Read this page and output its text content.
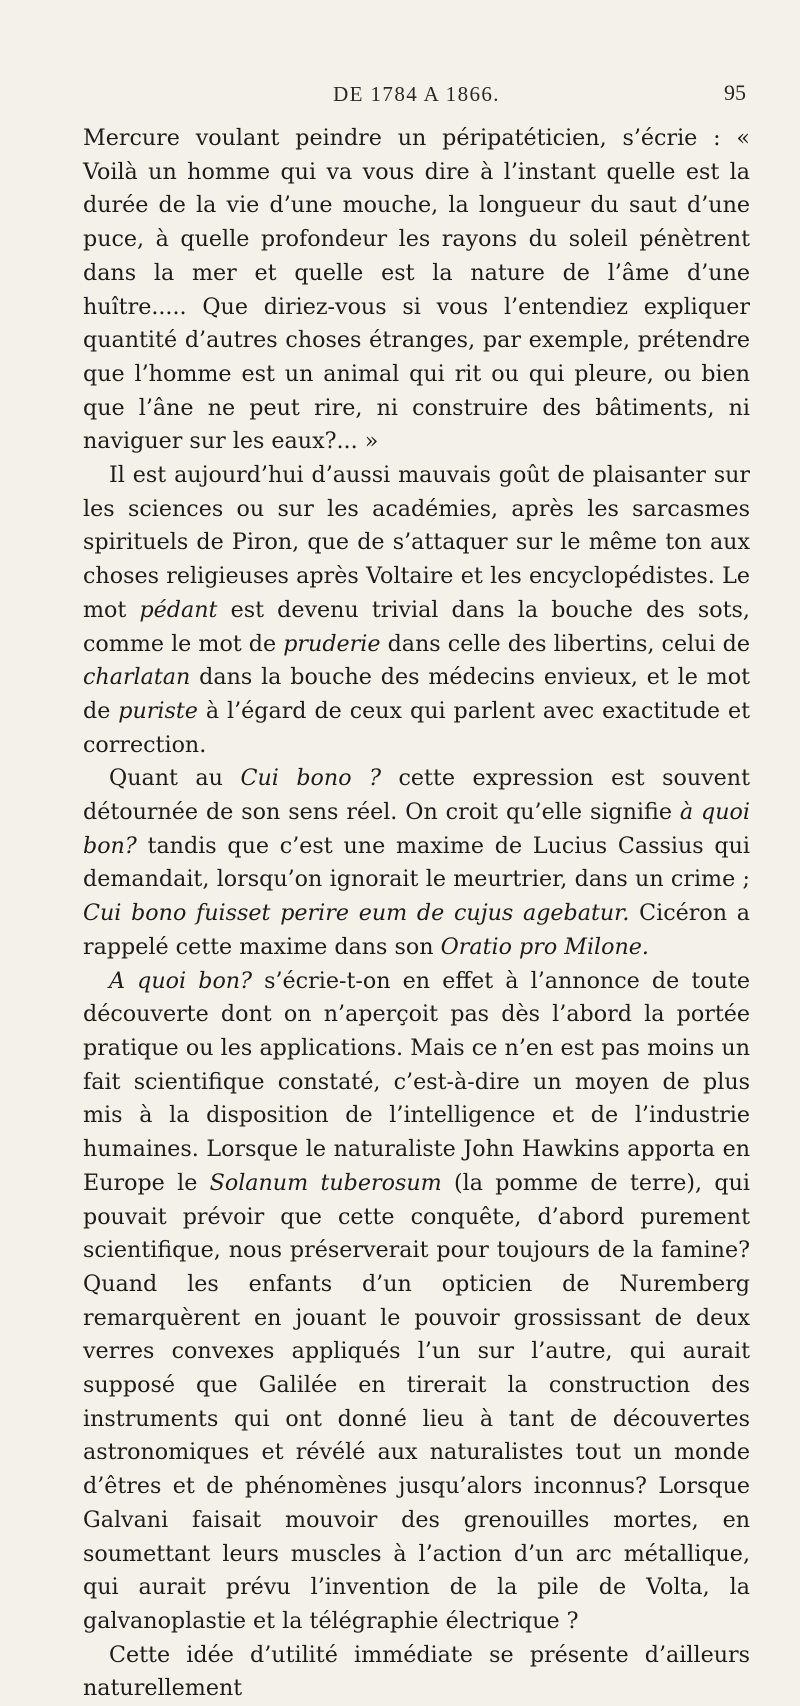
DE 1784 A 1866.	95

Mercure voulant peindre un péripatéticien, s’écrie : « Voilà un homme qui va vous dire à l’instant quelle est la durée de la vie d’une mouche, la longueur du saut d’une puce, à quelle profondeur les rayons du soleil pénètrent dans la mer et quelle est la nature de l’âme d’une huître..... Que diriez-vous si vous l’entendiez expliquer quantité d’autres choses étranges, par exemple, prétendre que l’homme est un animal qui rit ou qui pleure, ou bien que l’âne ne peut rire, ni construire des bâtiments, ni naviguer sur les eaux?... »

Il est aujourd’hui d’aussi mauvais goût de plaisanter sur les sciences ou sur les académies, après les sarcasmes spirituels de Piron, que de s’attaquer sur le même ton aux choses religieuses après Voltaire et les encyclopédistes. Le mot pédant est devenu trivial dans la bouche des sots, comme le mot de pruderie dans celle des libertins, celui de charlatan dans la bouche des médecins envieux, et le mot de puriste à l’égard de ceux qui parlent avec exactitude et correction.

Quant au Cui bono ? cette expression est souvent détournée de son sens réel. On croit qu’elle signifie à quoi bon? tandis que c’est une maxime de Lucius Cassius qui demandait, lorsqu’on ignorait le meurtrier, dans un crime ; Cui bono fuisset perire eum de cujus agebatur. Cicéron a rappelé cette maxime dans son Oratio pro Milone.

A quoi bon? s’écrie-t-on en effet à l’annonce de toute découverte dont on n’aperçoit pas dès l’abord la portée pratique ou les applications. Mais ce n’en est pas moins un fait scientifique constaté, c’est-à-dire un moyen de plus mis à la disposition de l’intelligence et de l’industrie humaines. Lorsque le naturaliste John Hawkins apporta en Europe le Solanum tuberosum (la pomme de terre), qui pouvait prévoir que cette conquête, d’abord purement scientifique, nous préserverait pour toujours de la famine? Quand les enfants d’un opticien de Nuremberg remarquèrent en jouant le pouvoir grossissant de deux verres convexes appliqués l’un sur l’autre, qui aurait supposé que Galilée en tirerait la construction des instruments qui ont donné lieu à tant de découvertes astronomiques et révélé aux naturalistes tout un monde d’êtres et de phénomènes jusqu’alors inconnus? Lorsque Galvani faisait mouvoir des grenouilles mortes, en soumettant leurs muscles à l’action d’un arc métallique, qui aurait prévu l’invention de la pile de Volta, la galvanoplastie et la télégraphie électrique ?

Cette idée d’utilité immédiate se présente d’ailleurs naturellement
